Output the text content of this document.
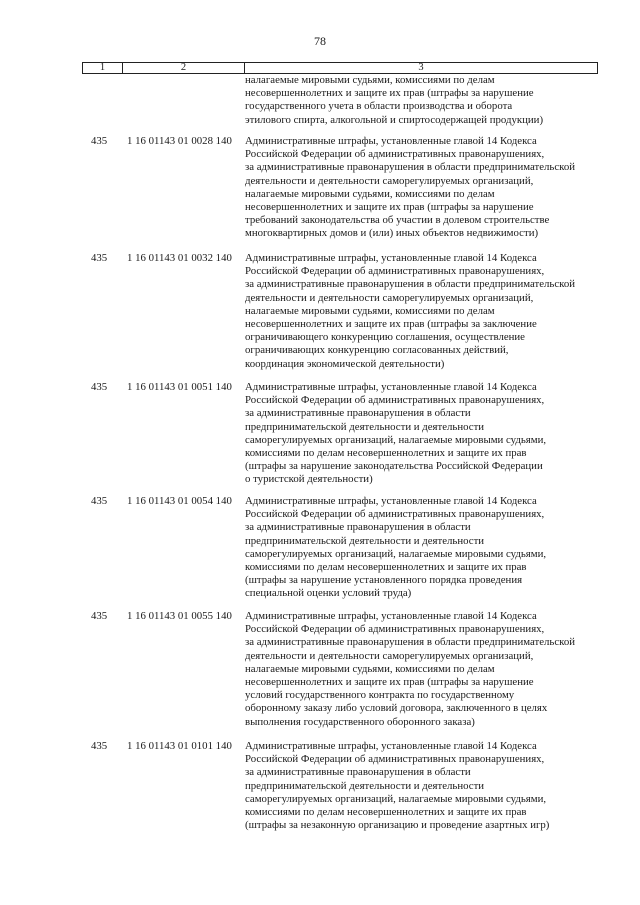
78
1	2	3
налагаемые мировыми судьями, комиссиями по делам
несовершеннолетних и защите их прав (штрафы за нарушение
государственного учета в области производства и оборота
этилового спирта, алкогольной и спиртосодержащей продукции)
435 1 16 01143 01 0028 140 Административные штрафы, установленные главой 14 Кодекса
Российской Федерации об административных правонарушениях,
за административные правонарушения в области предпринимательской
деятельности и деятельности саморегулируемых организаций,
налагаемые мировыми судьями, комиссиями по делам
несовершеннолетних и защите их прав (штрафы за нарушение
требований законодательства об участии в долевом строительстве
многоквартирных домов и (или) иных объектов недвижимости)
435 1 16 01143 01 0032 140 Административные штрафы, установленные главой 14 Кодекса
Российской Федерации об административных правонарушениях,
за административные правонарушения в области предпринимательской
деятельности и деятельности саморегулируемых организаций,
налагаемые мировыми судьями, комиссиями по делам
несовершеннолетних и защите их прав (штрафы за заключение
ограничивающего конкуренцию соглашения, осуществление
ограничивающих конкуренцию согласованных действий,
координация экономической деятельности)
435 1 16 01143 01 0051 140 Административные штрафы, установленные главой 14 Кодекса
Российской Федерации об административных правонарушениях,
за административные правонарушения в области
предпринимательской деятельности и деятельности
саморегулируемых организаций, налагаемые мировыми судьями,
комиссиями по делам несовершеннолетних и защите их прав
(штрафы за нарушение законодательства Российской Федерации
о туристской деятельности)
435 1 16 01143 01 0054 140 Административные штрафы, установленные главой 14 Кодекса
Российской Федерации об административных правонарушениях,
за административные правонарушения в области
предпринимательской деятельности и деятельности
саморегулируемых организаций, налагаемые мировыми судьями,
комиссиями по делам несовершеннолетних и защите их прав
(штрафы за нарушение установленного порядка проведения
специальной оценки условий труда)
435 1 16 01143 01 0055 140 Административные штрафы, установленные главой 14 Кодекса
Российской Федерации об административных правонарушениях,
за административные правонарушения в области предпринимательской
деятельности и деятельности саморегулируемых организаций,
налагаемые мировыми судьями, комиссиями по делам
несовершеннолетних и защите их прав (штрафы за нарушение
условий государственного контракта по государственному
оборонному заказу либо условий договора, заключенного в целях
выполнения государственного оборонного заказа)
435 1 16 01143 01 0101 140 Административные штрафы, установленные главой 14 Кодекса
Российской Федерации об административных правонарушениях,
за административные правонарушения в области
предпринимательской деятельности и деятельности
саморегулируемых организаций, налагаемые мировыми судьями,
комиссиями по делам несовершеннолетних и защите их прав
(штрафы за незаконную организацию и проведение азартных игр)
